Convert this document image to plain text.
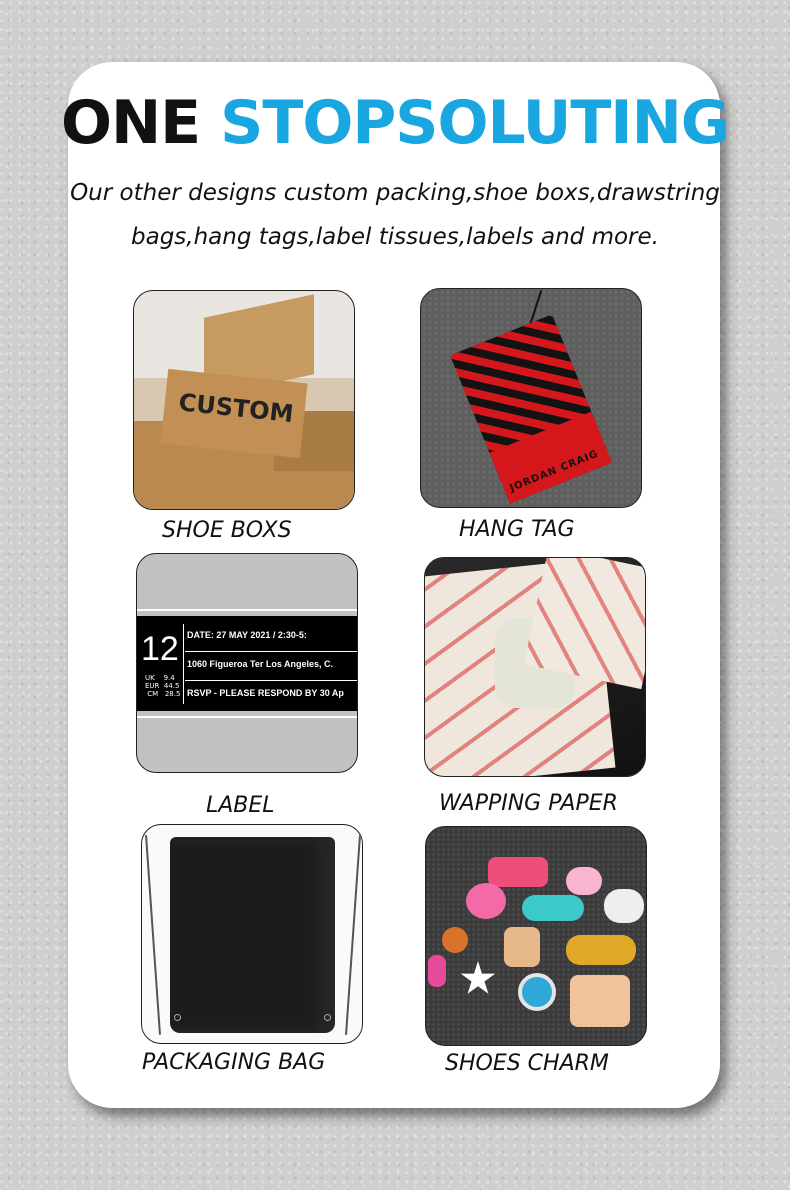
ONE STOPSOLUTING
Our other designs custom packing,shoe boxs,drawstring
bags,hang tags,label tissues,labels and more.
CUSTOM
SHOE BOXS
JORDAN CRAIG
HANG TAG
12
UK    9.4
EUR  44.5
CM   28.5
DATE: 27 MAY 2021 / 2:30-5:
1060 Figueroa Ter Los Angeles, C.
RSVP - PLEASE RESPOND BY 30 Ap
LABEL	WAPPING PAPER
PACKAGING BAG	SHOES CHARM
